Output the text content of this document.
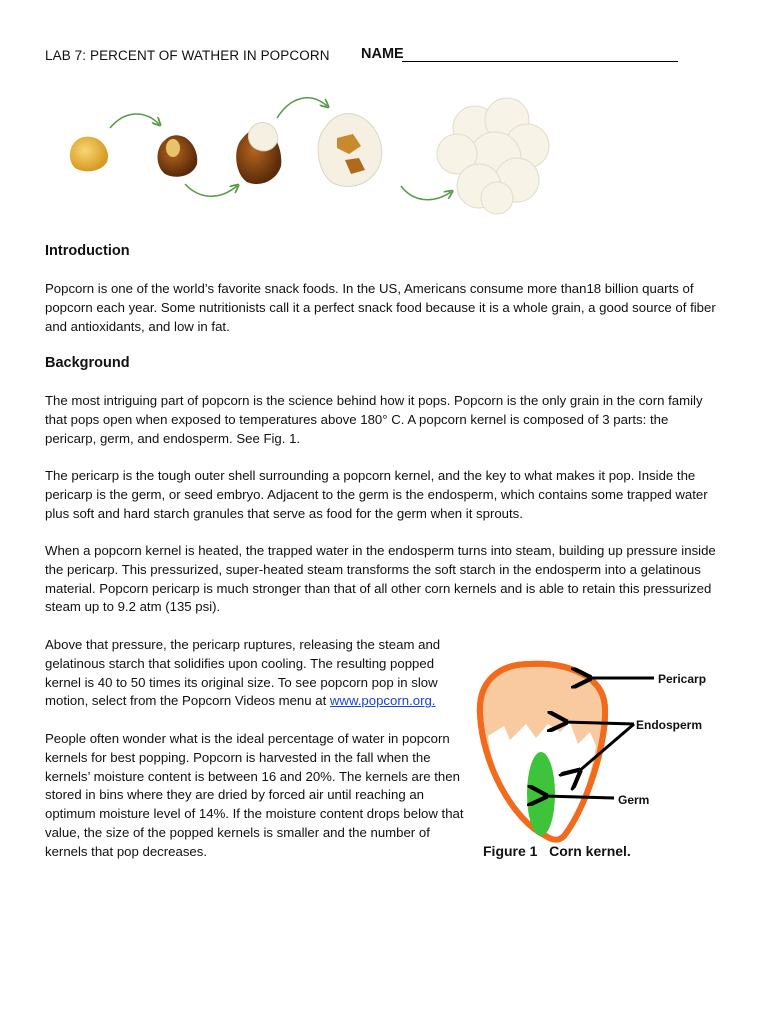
LAB 7: PERCENT OF WATHER IN POPCORN NAME
Introduction
Popcorn is one of the world’s favorite snack foods. In the US, Americans consume more than18 billion quarts of popcorn each year. Some nutritionists call it a perfect snack food because it is a whole grain, a good source of fiber and antioxidants, and low in fat.
Background
The most intriguing part of popcorn is the science behind how it pops. Popcorn is the only grain in the corn family that pops open when exposed to temperatures above 180° C. A popcorn kernel is composed of 3 parts: the pericarp, germ, and endosperm. See Fig. 1.
The pericarp is the tough outer shell surrounding a popcorn kernel, and the key to what makes it pop. Inside the pericarp is the germ, or seed embryo. Adjacent to the germ is the endosperm, which contains some trapped water plus soft and hard starch granules that serve as food for the germ when it sprouts.
When a popcorn kernel is heated, the trapped water in the endosperm turns into steam, building up pressure inside the pericarp. This pressurized, super-heated steam transforms the soft starch in the endosperm into a gelatinous material. Popcorn pericarp is much stronger than that of all other corn kernels and is able to retain this pressurized steam up to 9.2 atm (135 psi).
Above that pressure, the pericarp ruptures, releasing the steam and gelatinous starch that solidifies upon cooling. The resulting popped kernel is 40 to 50 times its original size. To see popcorn pop in slow motion, select from the Popcorn Videos menu at www.popcorn.org.
People often wonder what is the ideal percentage of water in popcorn kernels for best popping. Popcorn is harvested in the fall when the kernels’ moisture content is between 16 and 20%. The kernels are then stored in bins where they are dried by forced air until reaching an optimum moisture level of 14%. If the moisture content drops below that value, the size of the popped kernels is smaller and the number of kernels that pop decreases.
Pericarp
Endosperm
Germ
Figure 1   Corn kernel.
